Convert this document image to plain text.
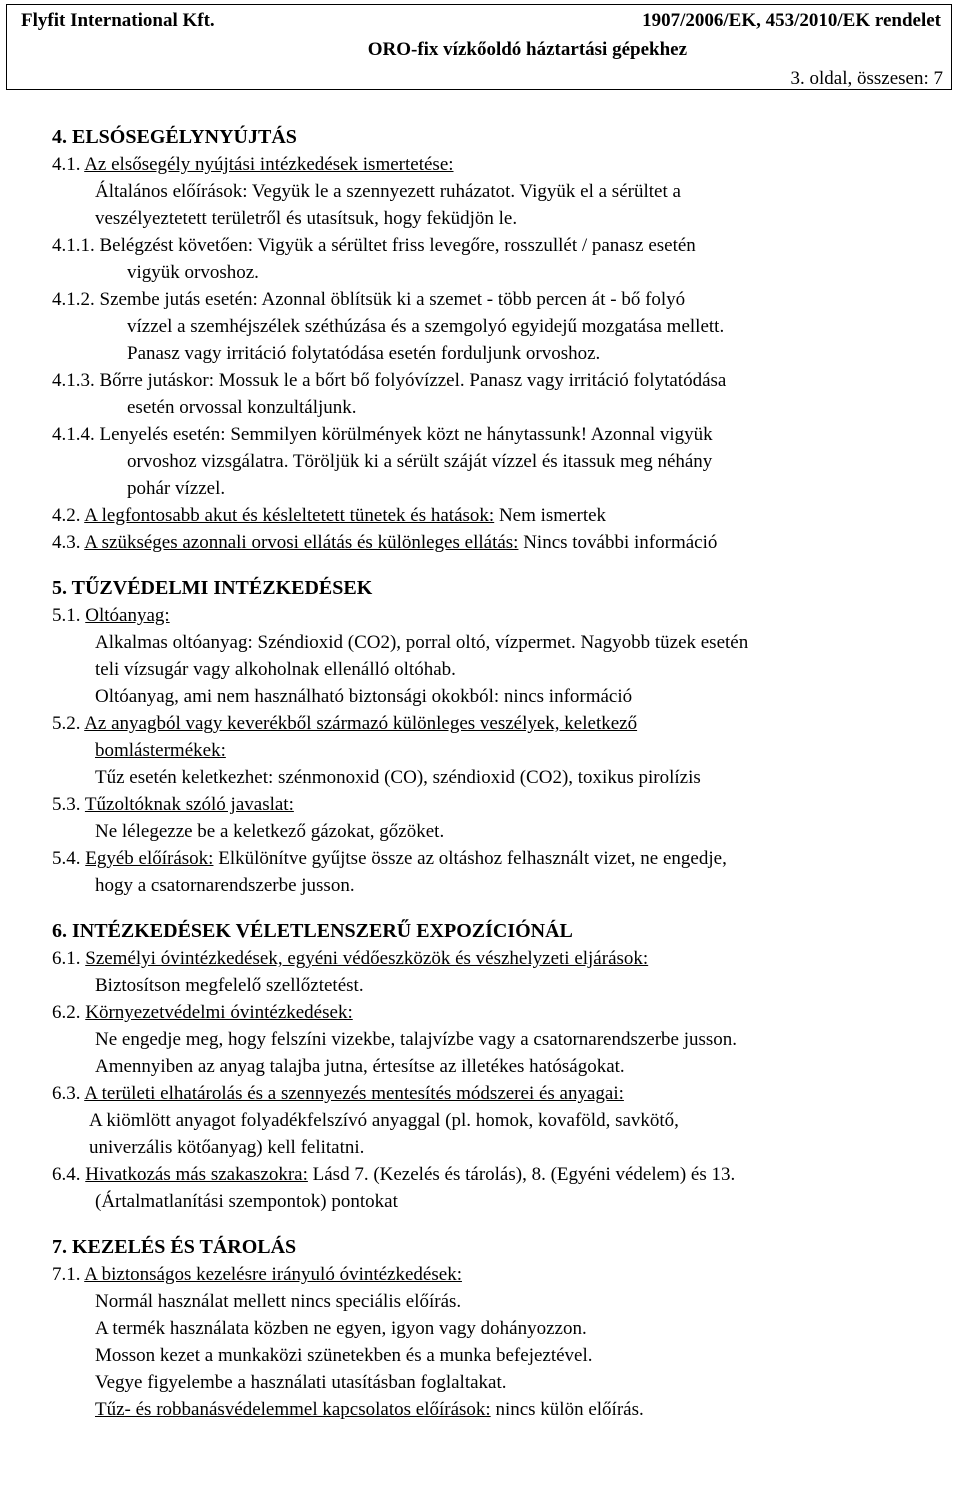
Flyfit International Kft.	1907/2006/EK, 453/2010/EK rendelet
ORO-fix vízkőoldó háztartási gépekhez
3. oldal, összesen: 7
4. ELSÓSEGÉLYNYÚJTÁS
4.1. Az elsősegély nyújtási intézkedések ismertetése:
Általános előírások: Vegyük le a szennyezett ruházatot. Vigyük el a sérültet a
veszélyeztetett területről és utasítsuk, hogy feküdjön le.
4.1.1. Belégzést követően: Vigyük a sérültet friss levegőre, rosszullét / panasz esetén
vigyük orvoshoz.
4.1.2. Szembe jutás esetén: Azonnal öblítsük ki a szemet - több percen át - bő folyó
vízzel a szemhéjszélek széthúzása és a szemgolyó egyidejű mozgatása mellett.
Panasz vagy irritáció folytatódása esetén forduljunk orvoshoz.
4.1.3. Bőrre jutáskor: Mossuk le a bőrt bő folyóvízzel. Panasz vagy irritáció folytatódása
esetén orvossal konzultáljunk.
4.1.4. Lenyelés esetén: Semmilyen körülmények közt ne hánytassunk! Azonnal vigyük
orvoshoz vizsgálatra. Töröljük ki a sérült száját vízzel és itassuk meg néhány
pohár vízzel.
4.2. A legfontosabb akut és késleltetett tünetek és hatások: Nem ismertek
4.3. A szükséges azonnali orvosi ellátás és különleges ellátás: Nincs további információ
5. TŰZVÉDELMI INTÉZKEDÉSEK
5.1. Oltóanyag:
Alkalmas oltóanyag: Széndioxid (CO2), porral oltó, vízpermet. Nagyobb tüzek esetén
teli vízsugár vagy alkoholnak ellenálló oltóhab.
Oltóanyag, ami nem használható biztonsági okokból: nincs információ
5.2. Az anyagból vagy keverékből származó különleges veszélyek, keletkező
bomlástermékek:
Tűz esetén keletkezhet: szénmonoxid (CO), széndioxid (CO2), toxikus pirolízis
5.3. Tűzoltóknak szóló javaslat:
Ne lélegezze be a keletkező gázokat, gőzöket.
5.4. Egyéb előírások: Elkülönítve gyűjtse össze az oltáshoz felhasznált vizet, ne engedje,
hogy a csatornarendszerbe jusson.
6. INTÉZKEDÉSEK VÉLETLENSZERŰ EXPOZÍCIÓNÁL
6.1. Személyi óvintézkedések, egyéni védőeszközök és vészhelyzeti eljárások:
Biztosítson megfelelő szellőztetést.
6.2. Környezetvédelmi óvintézkedések:
Ne engedje meg, hogy felszíni vizekbe, talajvízbe vagy a csatornarendszerbe jusson.
Amennyiben az anyag talajba jutna, értesítse az illetékes hatóságokat.
6.3. A területi elhatárolás és a szennyezés mentesítés módszerei és anyagai:
A kiömlött anyagot folyadékfelszívó anyaggal (pl. homok, kovaföld, savkötő,
univerzális kötőanyag) kell felitatni.
6.4. Hivatkozás más szakaszokra: Lásd 7. (Kezelés és tárolás), 8. (Egyéni védelem) és 13.
(Ártalmatlanítási szempontok) pontokat
7. KEZELÉS ÉS TÁROLÁS
7.1. A biztonságos kezelésre irányuló óvintézkedések:
Normál használat mellett nincs speciális előírás.
A termék használata közben ne egyen, igyon vagy dohányozzon.
Mosson kezet a munkaközi szünetekben és a munka befejeztével.
Vegye figyelembe a használati utasításban foglaltakat.
Tűz- és robbanásvédelemmel kapcsolatos előírások: nincs külön előírás.
